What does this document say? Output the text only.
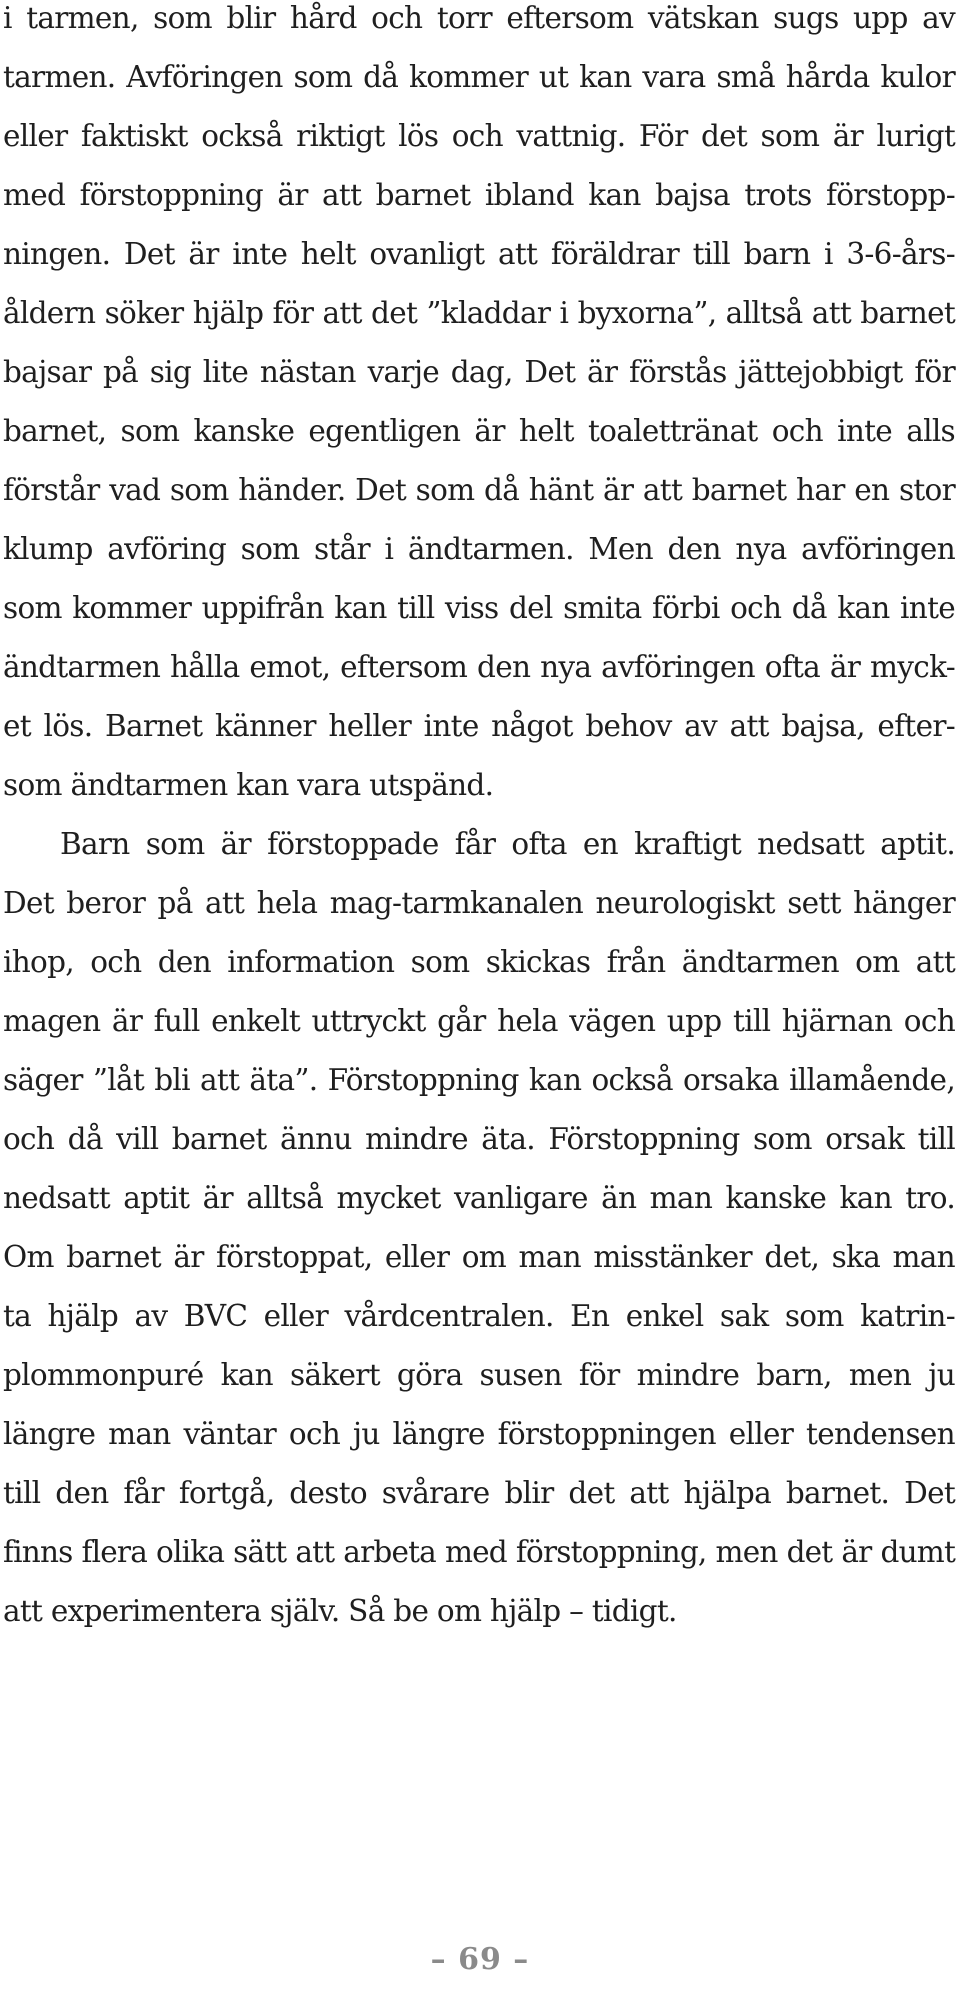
i tarmen, som blir hård och torr eftersom vätskan sugs upp av
tarmen. Avföringen som då kommer ut kan vara små hårda kulor
eller faktiskt också riktigt lös och vattnig. För det som är lurigt
med förstoppning är att barnet ibland kan bajsa trots förstopp-
ningen. Det är inte helt ovanligt att föräldrar till barn i 3-6-års-
åldern söker hjälp för att det ”kladdar i byxorna”, alltså att barnet
bajsar på sig lite nästan varje dag, Det är förstås jättejobbigt för
barnet, som kanske egentligen är helt toalettränat och inte alls
förstår vad som händer. Det som då hänt är att barnet har en stor
klump avföring som står i ändtarmen. Men den nya avföringen
som kommer uppifrån kan till viss del smita förbi och då kan inte
ändtarmen hålla emot, eftersom den nya avföringen ofta är myck-
et lös. Barnet känner heller inte något behov av att bajsa, efter-
som ändtarmen kan vara utspänd.
Barn som är förstoppade får ofta en kraftigt nedsatt aptit.
Det beror på att hela mag-tarmkanalen neurologiskt sett hänger
ihop, och den information som skickas från ändtarmen om att
magen är full enkelt uttryckt går hela vägen upp till hjärnan och
säger ”låt bli att äta”. Förstoppning kan också orsaka illamående,
och då vill barnet ännu mindre äta. Förstoppning som orsak till
nedsatt aptit är alltså mycket vanligare än man kanske kan tro.
Om barnet är förstoppat, eller om man misstänker det, ska man
ta hjälp av BVC eller vårdcentralen. En enkel sak som katrin-
plommonpuré kan säkert göra susen för mindre barn, men ju
längre man väntar och ju längre förstoppningen eller tendensen
till den får fortgå, desto svårare blir det att hjälpa barnet. Det
finns flera olika sätt att arbeta med förstoppning, men det är dumt
att experimentera själv. Så be om hjälp – tidigt.
– 69 –
